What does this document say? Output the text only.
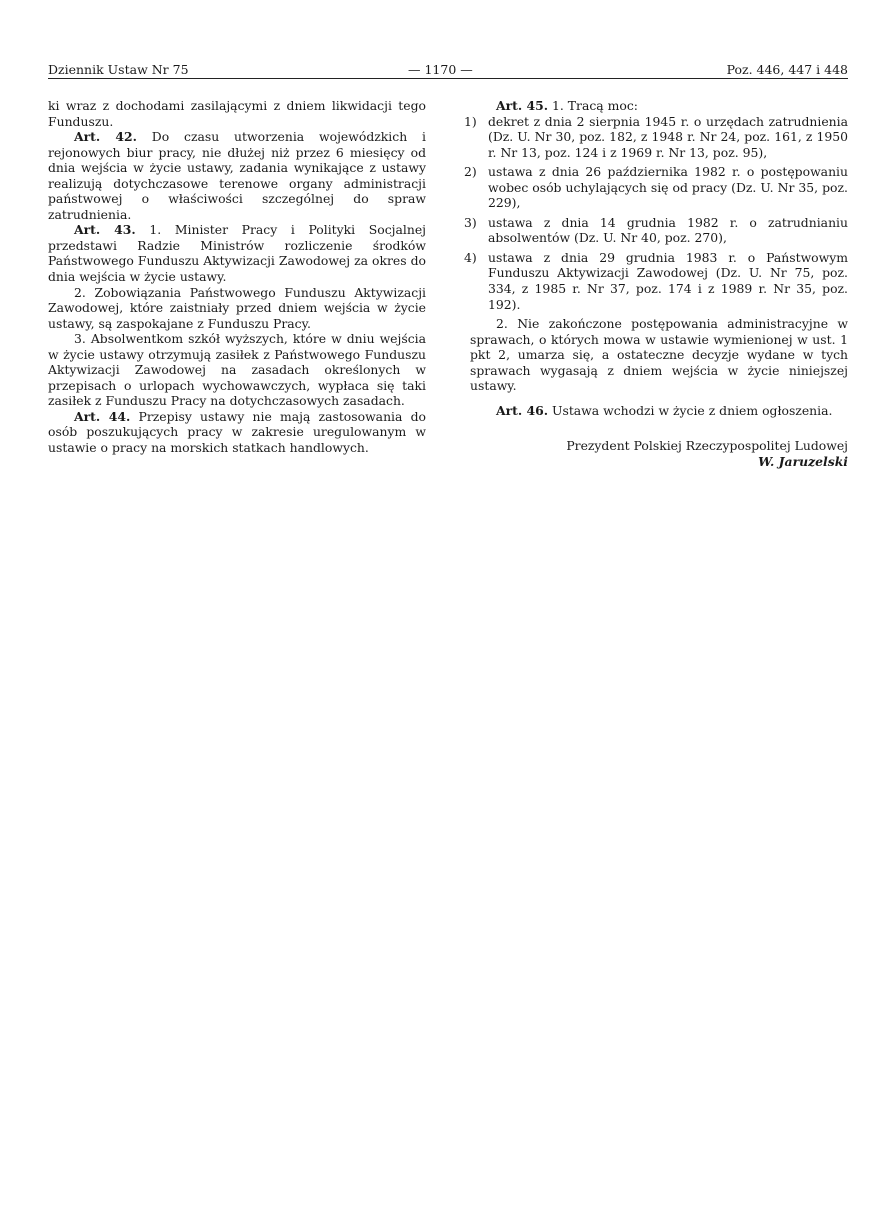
Dziennik Ustaw Nr 75	— 1170 —	Poz. 446, 447 i 448

ki wraz z dochodami zasilającymi z dniem likwidacji tego Funduszu.

Art. 42. Do czasu utworzenia wojewódzkich i rejonowych biur pracy, nie dłużej niż przez 6 miesięcy od dnia wejścia w życie ustawy, zadania wynikające z ustawy realizują dotychczasowe terenowe organy administracji państwowej o właściwości szczególnej do spraw zatrudnienia.

Art. 43. 1. Minister Pracy i Polityki Socjalnej przedstawi Radzie Ministrów rozliczenie środków Państwowego Funduszu Aktywizacji Zawodowej za okres do dnia wejścia w życie ustawy.

2. Zobowiązania Państwowego Funduszu Aktywizacji Zawodowej, które zaistniały przed dniem wejścia w życie ustawy, są zaspokajane z Funduszu Pracy.

3. Absolwentkom szkół wyższych, które w dniu wejścia w życie ustawy otrzymują zasiłek z Państwowego Funduszu Aktywizacji Zawodowej na zasadach określonych w przepisach o urlopach wychowawczych, wypłaca się taki zasiłek z Funduszu Pracy na dotychczasowych zasadach.

Art. 44. Przepisy ustawy nie mają zastosowania do osób poszukujących pracy w zakresie uregulowanym w ustawie o pracy na morskich statkach handlowych.

Art. 45. 1. Tracą moc:

1) dekret z dnia 2 sierpnia 1945 r. o urzędach zatrudnienia (Dz. U. Nr 30, poz. 182, z 1948 r. Nr 24, poz. 161, z 1950 r. Nr 13, poz. 124 i z 1969 r. Nr 13, poz. 95),
2) ustawa z dnia 26 października 1982 r. o postępowaniu wobec osób uchylających się od pracy (Dz. U. Nr 35, poz. 229),
3) ustawa z dnia 14 grudnia 1982 r. o zatrudnianiu absolwentów (Dz. U. Nr 40, poz. 270),
4) ustawa z dnia 29 grudnia 1983 r. o Państwowym Funduszu Aktywizacji Zawodowej (Dz. U. Nr 75, poz. 334, z 1985 r. Nr 37, poz. 174 i z 1989 r. Nr 35, poz. 192).

2. Nie zakończone postępowania administracyjne w sprawach, o których mowa w ustawie wymienionej w ust. 1 pkt 2, umarza się, a ostateczne decyzje wydane w tych sprawach wygasają z dniem wejścia w życie niniejszej ustawy.

Art. 46. Ustawa wchodzi w życie z dniem ogłoszenia.

Prezydent Polskiej Rzeczypospolitej Ludowej
W. Jaruzelski
